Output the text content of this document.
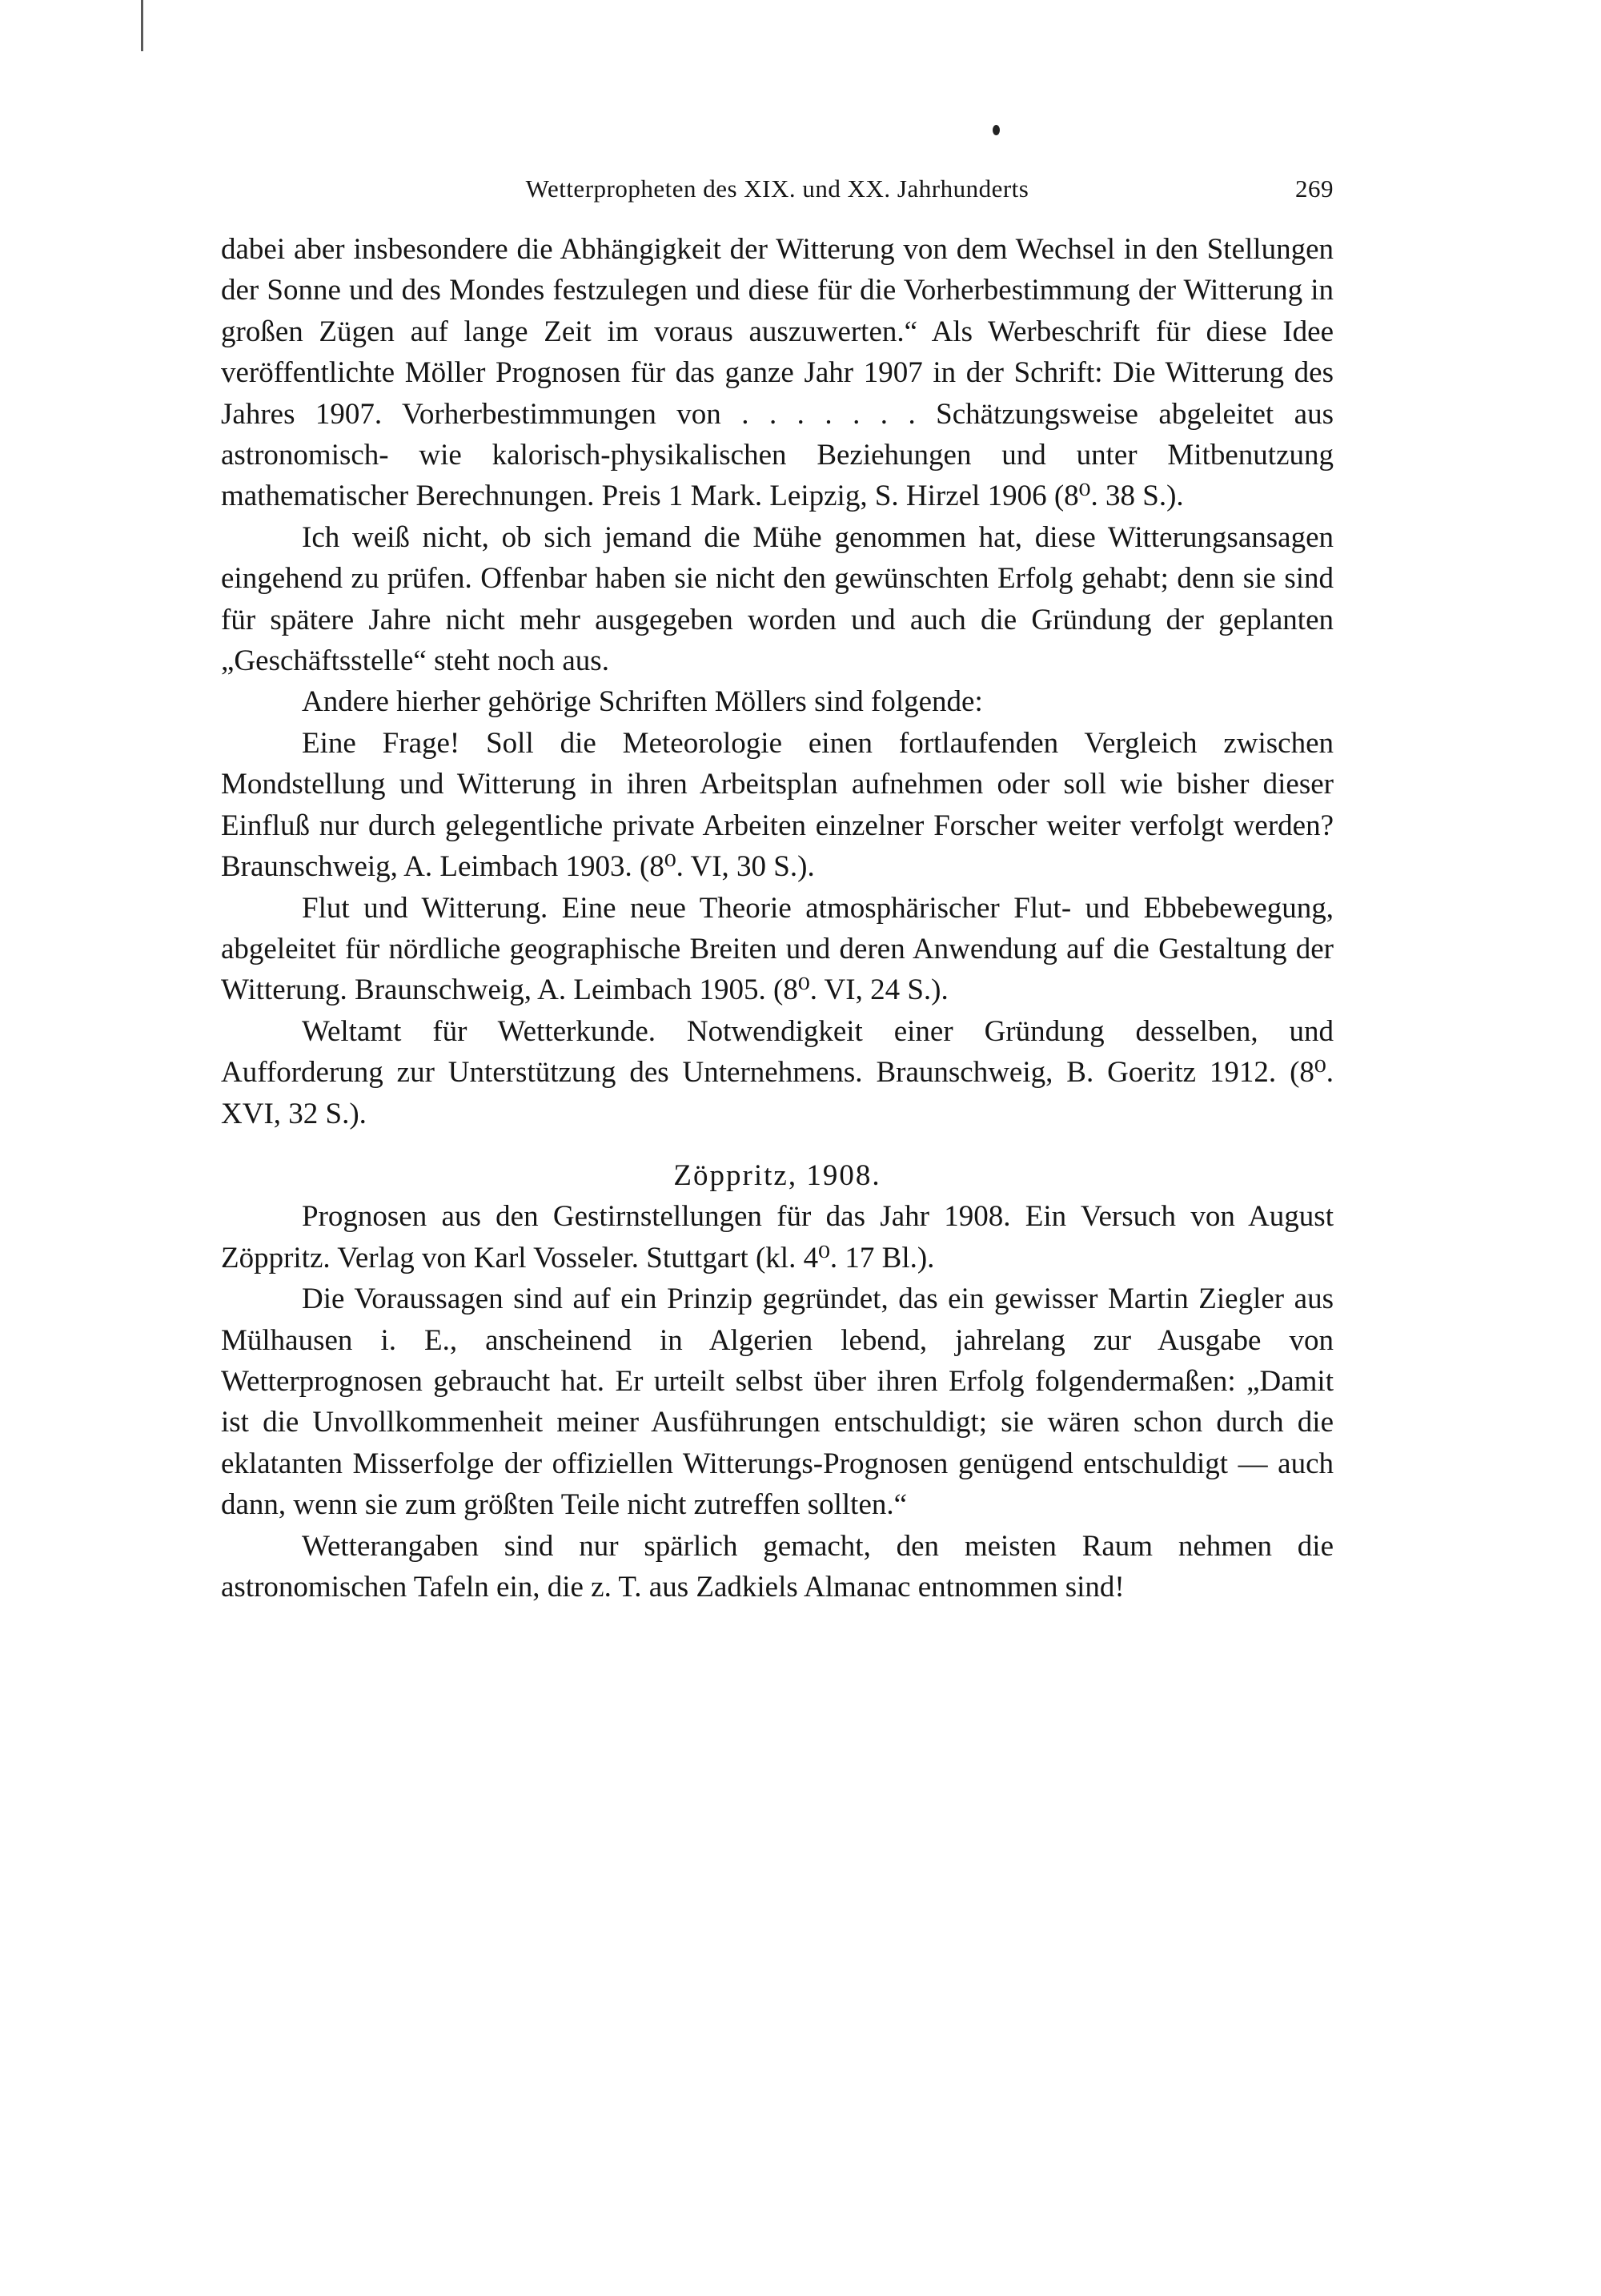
Wetterpropheten des XIX. und XX. Jahrhunderts	269

dabei aber insbesondere die Abhängigkeit der Witterung von dem Wechsel in den Stellungen der Sonne und des Mondes festzulegen und diese für die Vorherbestimmung der Witterung in großen Zügen auf lange Zeit im voraus auszuwerten.“ Als Werbeschrift für diese Idee veröffentlichte Möller Prognosen für das ganze Jahr 1907 in der Schrift: Die Witterung des Jahres 1907. Vorherbestimmungen von . . . . . . . Schätzungsweise abgeleitet aus astronomisch- wie kalorisch-physikalischen Beziehungen und unter Mitbenutzung mathematischer Berechnungen. Preis 1 Mark. Leipzig, S. Hirzel 1906 (8⁰. 38 S.).

Ich weiß nicht, ob sich jemand die Mühe genommen hat, diese Witterungsansagen eingehend zu prüfen. Offenbar haben sie nicht den gewünschten Erfolg gehabt; denn sie sind für spätere Jahre nicht mehr ausgegeben worden und auch die Gründung der geplanten „Geschäftsstelle“ steht noch aus.

Andere hierher gehörige Schriften Möllers sind folgende:

Eine Frage! Soll die Meteorologie einen fortlaufenden Vergleich zwischen Mondstellung und Witterung in ihren Arbeitsplan aufnehmen oder soll wie bisher dieser Einfluß nur durch gelegentliche private Arbeiten einzelner Forscher weiter verfolgt werden? Braunschweig, A. Leimbach 1903. (8⁰. VI, 30 S.).

Flut und Witterung. Eine neue Theorie atmosphärischer Flut- und Ebbebewegung, abgeleitet für nördliche geographische Breiten und deren Anwendung auf die Gestaltung der Witterung. Braunschweig, A. Leimbach 1905. (8⁰. VI, 24 S.).

Weltamt für Wetterkunde. Notwendigkeit einer Gründung desselben, und Aufforderung zur Unterstützung des Unternehmens. Braunschweig, B. Goeritz 1912. (8⁰. XVI, 32 S.).

Zöppritz, 1908.

Prognosen aus den Gestirnstellungen für das Jahr 1908. Ein Versuch von August Zöppritz. Verlag von Karl Vosseler. Stuttgart (kl. 4⁰. 17 Bl.).

Die Voraussagen sind auf ein Prinzip gegründet, das ein gewisser Martin Ziegler aus Mülhausen i. E., anscheinend in Algerien lebend, jahrelang zur Ausgabe von Wetterprognosen gebraucht hat. Er urteilt selbst über ihren Erfolg folgendermaßen: „Damit ist die Unvollkommenheit meiner Ausführungen entschuldigt; sie wären schon durch die eklatanten Misserfolge der offiziellen Witterungs-Prognosen genügend entschuldigt — auch dann, wenn sie zum größten Teile nicht zutreffen sollten.“

Wetterangaben sind nur spärlich gemacht, den meisten Raum nehmen die astronomischen Tafeln ein, die z. T. aus Zadkiels Almanac entnommen sind!
